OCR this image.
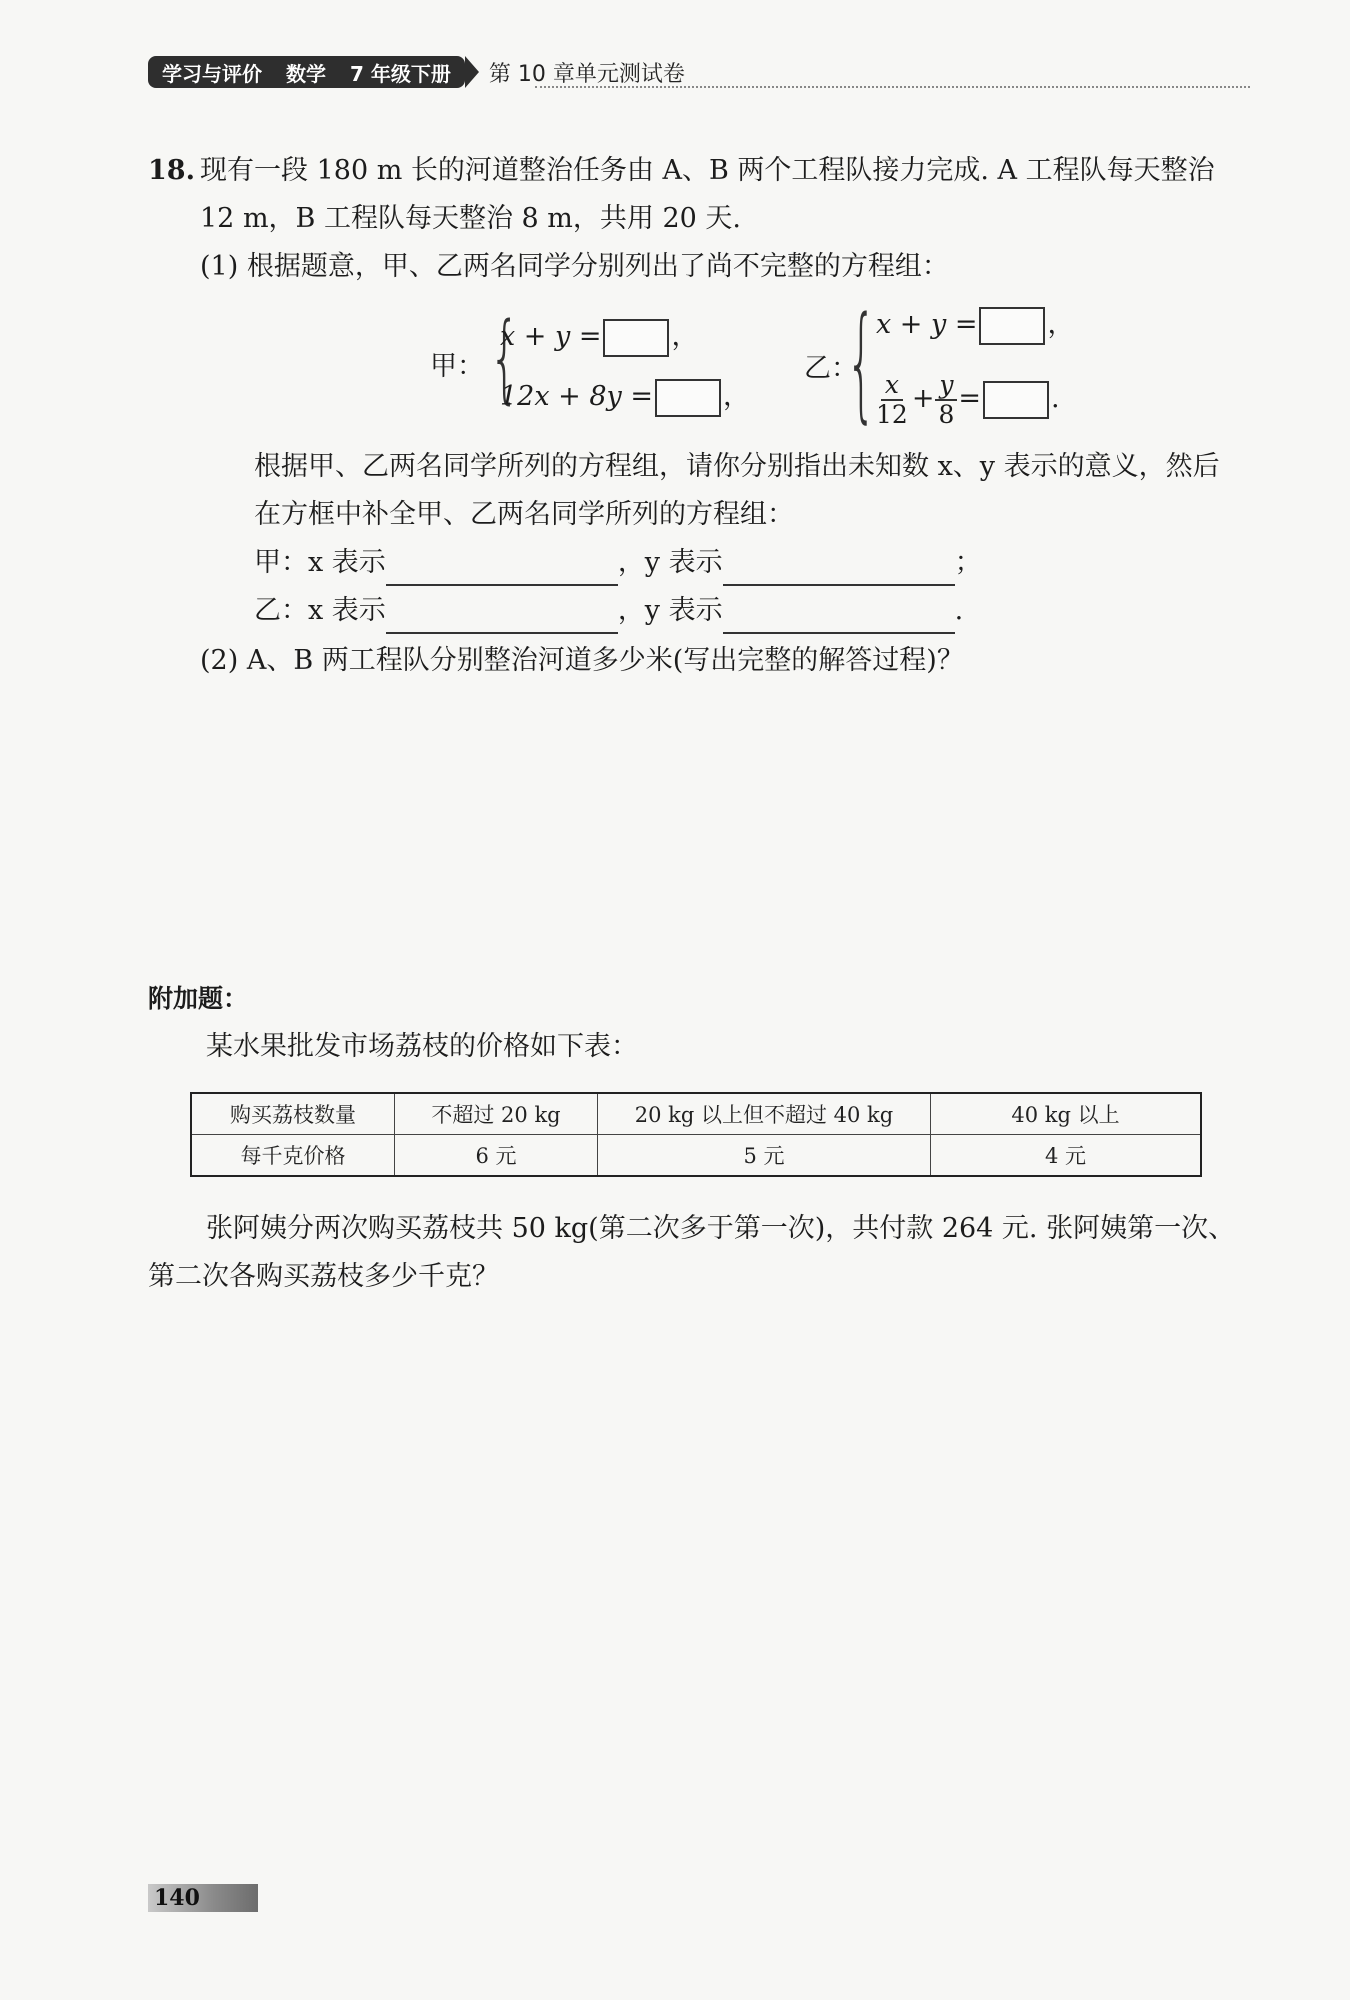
学习与评价 数学 7 年级下册 第 10 章单元测试卷
18. 现有一段 180 m 长的河道整治任务由 A、B 两个工程队接力完成. A 工程队每天整治
12 m，B 工程队每天整治 8 m，共用 20 天.
(1) 根据题意，甲、乙两名同学分别列出了尚不完整的方程组：
甲： {
x + y =	，
12x + 8y =	，
乙：
{ x + y =	，
$\frac{x}{12} + \frac{y}{8}$ =	.
根据甲、乙两名同学所列的方程组，请你分别指出未知数 x、y 表示的意义，然后
在方框中补全甲、乙两名同学所列的方程组：
甲：x 表示	，y 表示	；
乙：x 表示	，y 表示	.
(2) A、B 两工程队分别整治河道多少米(写出完整的解答过程)？
附加题：
某水果批发市场荔枝的价格如下表：
购买荔枝数量	不超过 20 kg	20 kg 以上但不超过 40 kg	40 kg 以上
每千克价格	6 元	5 元	4 元
张阿姨分两次购买荔枝共 50 kg(第二次多于第一次)，共付款 264 元. 张阿姨第一次、
第二次各购买荔枝多少千克？
140
